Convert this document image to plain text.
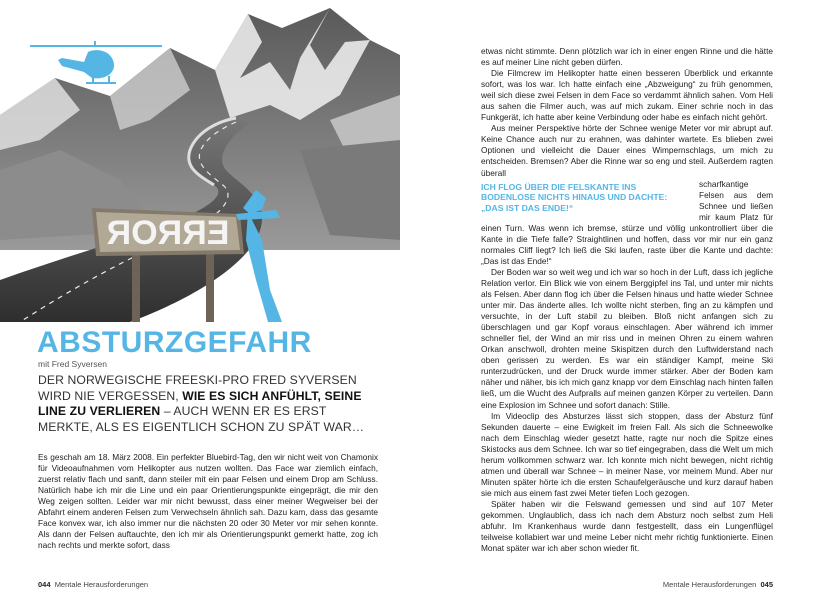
ERROR
ABSTURZGEFAHR
mit Fred Syversen
DER NORWEGISCHE FREESKI-PRO FRED SYVERSEN WIRD NIE VERGESSEN, WIE ES SICH ANFÜHLT, SEINE LINE ZU VERLIEREN – AUCH WENN ER ES ERST MERKTE, ALS ES EIGENTLICH SCHON ZU SPÄT WAR…

Es geschah am 18. März 2008. Ein perfekter Bluebird-Tag, den wir nicht weit von Chamonix für Videoaufnahmen vom Helikopter aus nutzen wollten. Das Face war ziemlich einfach, zuerst relativ flach und sanft, dann steiler mit ein paar Felsen und einem Drop am Schluss. Natürlich habe ich mir die Line und ein paar Orientierungspunkte eingeprägt, die mir den Weg zeigen sollten. Leider war mir nicht bewusst, dass einer meiner Wegweiser bei der Abfahrt einem anderen Felsen zum Verwechseln ähnlich sah. Dazu kam, dass das gesamte Face konvex war, ich also immer nur die nächsten 20 oder 30 Meter vor mir sehen konnte. Als dann der Felsen auftauchte, den ich mir als Orientierungspunkt gemerkt hatte, zog ich nach rechts und merkte sofort, dass

etwas nicht stimmte. Denn plötzlich war ich in einer engen Rinne und die hätte es auf meiner Line nicht geben dürfen.

Die Filmcrew im Helikopter hatte einen besseren Überblick und erkannte sofort, was los war. Ich hatte einfach eine „Abzweigung“ zu früh genommen, weil sich diese zwei Felsen in dem Face so verdammt ähnlich sahen. Vom Heli aus sahen die Filmer auch, was auf mich zukam. Einer schrie noch in das Funkgerät, ich hatte aber keine Verbindung oder habe es einfach nicht gehört.

Aus meiner Perspektive hörte der Schnee wenige Meter vor mir abrupt auf. Keine Chance auch nur zu erahnen, was dahinter wartete. Es blieben zwei Optionen und vielleicht die Dauer eines Wimpernschlags, um mich zu entscheiden. Bremsen? Aber die Rinne war so eng und steil. Außerdem ragten überall

ICH FLOG ÜBER DIE FELSKANTE INS BODENLOSE NICHTS HINAUS UND DACHTE: „DAS IST DAS ENDE!“

scharfkantige Felsen aus dem Schnee und ließen mir kaum Platz für einen Turn. Was wenn ich bremse, stürze und völlig unkontrolliert über die Kante in die Tiefe falle? Straightlinen und hoffen, dass vor mir nur ein ganz normales Cliff liegt? Ich ließ die Ski laufen, raste über die Kante und dachte: „Das ist das Ende!“

Der Boden war so weit weg und ich war so hoch in der Luft, dass ich jegliche Relation verlor. Ein Blick wie von einem Berggipfel ins Tal, und unter mir nichts als Felsen. Aber dann flog ich über die Felsen hinaus und hatte wieder Schnee unter mir. Das änderte alles. Ich wollte nicht sterben, fing an zu kämpfen und versuchte, in der Luft stabil zu bleiben. Bloß nicht anfangen sich zu überschlagen und gar Kopf voraus einschlagen. Aber während ich immer schneller fiel, der Wind an mir riss und in meinen Ohren zu einem wahren Orkan anschwoll, drohten meine Skispitzen durch den Luftwiderstand nach oben gerissen zu werden. Es war ein ständiger Kampf, meine Ski runterzudrücken, und der Druck wurde immer stärker. Aber der Boden kam näher und näher, bis ich mich ganz knapp vor dem Einschlag nach hinten fallen ließ, um die Wucht des Aufpralls auf meinen ganzen Körper zu verteilen. Dann eine Explosion im Schnee und sofort danach: Stille.

Im Videoclip des Absturzes lässt sich stoppen, dass der Absturz fünf Sekunden dauerte – eine Ewigkeit im freien Fall. Als sich die Schneewolke nach dem Einschlag wieder gesetzt hatte, ragte nur noch die Spitze eines Skistocks aus dem Schnee. Ich war so tief eingegraben, dass die Welt um mich herum vollkommen schwarz war. Ich konnte mich nicht bewegen, nicht richtig atmen und überall war Schnee – in meiner Nase, vor meinem Mund. Aber nur Minuten später hörte ich die ersten Schaufelgeräusche und kurz darauf haben sie mich aus einem fast zwei Meter tiefen Loch gezogen.

Später haben wir die Felswand gemessen und sind auf 107 Meter gekommen. Unglaublich, dass ich nach dem Absturz noch selbst zum Heli abfuhr. Im Krankenhaus wurde dann festgestellt, dass ein Lungenflügel teilweise kollabiert war und meine Leber nicht mehr richtig funktionierte. Einen Monat später war ich aber schon wieder fit.

044 Mentale Herausforderungen	Mentale Herausforderungen 045
